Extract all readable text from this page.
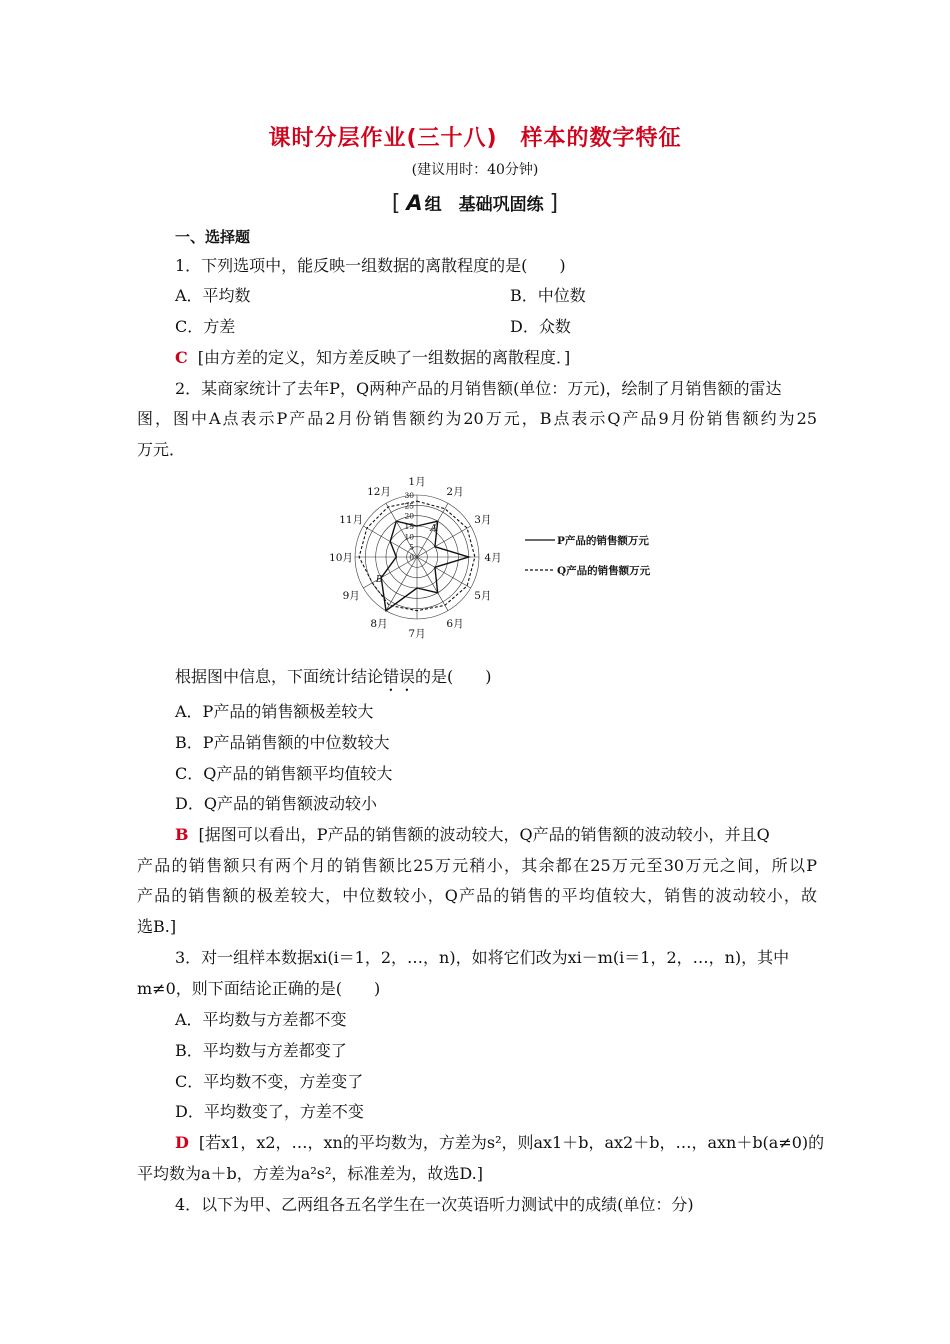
课时分层作业(三十八)　样本的数字特征
(建议用时：40分钟)
[ A 组　基础巩固练 ]
一、选择题
1．下列选项中，能反映一组数据的离散程度的是(　　)
A．平均数	B．中位数
C．方差	D．众数
C [由方差的定义，知方差反映了一组数据的离散程度．]
2．某商家统计了去年P，Q两种产品的月销售额(单位：万元)，绘制了月销售额的雷达
图，图中A点表示P产品2月份销售额约为20万元，B点表示Q产品9月份销售额约为25
万元．
0
5
10
15
20
25
30
1月
2月
3月
4月
5月
6月
7月
8月
9月
10月
11月
12月
A
B
P产品的销售额万元
Q产品的销售额万元
根据图中信息，下面统计结论错误的是(　　)
A．P产品的销售额极差较大
B．P产品销售额的中位数较大
C．Q产品的销售额平均值较大
D．Q产品的销售额波动较小
B [据图可以看出，P产品的销售额的波动较大，Q产品的销售额的波动较小，并且Q
产品的销售额只有两个月的销售额比25万元稍小，其余都在25万元至30万元之间，所以P
产品的销售额的极差较大，中位数较小，Q产品的销售的平均值较大，销售的波动较小，故
选B.]
3．对一组样本数据xi(i＝1，2，…，n)，如将它们改为xi－m(i＝1，2，…，n)，其中
m≠0，则下面结论正确的是(　　)
A．平均数与方差都不变
B．平均数与方差都变了
C．平均数不变，方差变了
D．平均数变了，方差不变
D [若x1，x2，…，xn的平均数为，方差为s²，则ax1＋b，ax2＋b，…，axn＋b(a≠0)的
平均数为a＋b，方差为a²s²，标准差为，故选D.]
4．以下为甲、乙两组各五名学生在一次英语听力测试中的成绩(单位：分)
